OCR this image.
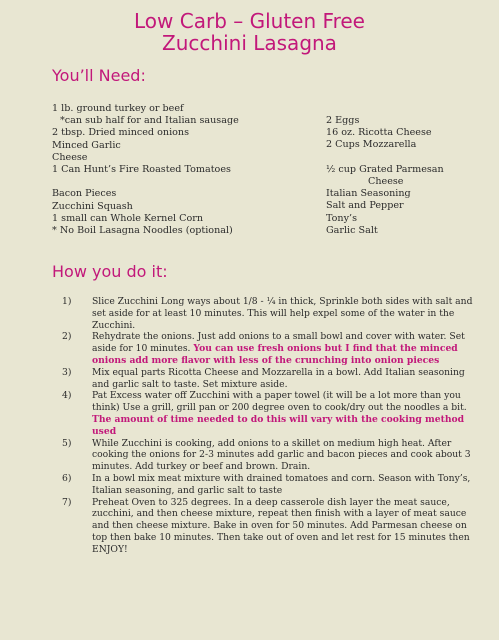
Low Carb – Gluten Free
Zucchini Lasagna
You’ll Need:
1 lb. ground turkey or beef
*can sub half for and Italian sausage
2 tbsp. Dried minced onions
Minced Garlic
Cheese
1 Can Hunt’s Fire Roasted Tomatoes
Bacon Pieces
Zucchini Squash
1 small can Whole Kernel Corn
* No Boil Lasagna Noodles (optional)
2 Eggs
16 oz. Ricotta Cheese
2 Cups Mozzarella
½ cup Grated Parmesan
Cheese
Italian Seasoning
Salt and Pepper
Tony’s
Garlic Salt
How you do it:
1) Slice Zucchini Long ways about 1/8 - ¼ in thick, Sprinkle both sides with salt and set aside for at least 10 minutes. This will help expel some of the water in the Zucchini.
2) Rehydrate the onions. Just add onions to a small bowl and cover with water. Set aside for 10 minutes. You can use fresh onions but I find that the minced onions add more flavor with less of the crunching into onion pieces
3) Mix equal parts Ricotta Cheese and Mozzarella in a bowl. Add Italian seasoning and garlic salt to taste. Set mixture aside.
4) Pat Excess water off Zucchini with a paper towel (it will be a lot more than you think) Use a grill, grill pan or 200 degree oven to cook/dry out the noodles a bit. The amount of time needed to do this will vary with the cooking method used
5) While Zucchini is cooking, add onions to a skillet on medium high heat. After cooking the onions for 2-3 minutes add garlic and bacon pieces and cook about 3 minutes. Add turkey or beef and brown. Drain.
6) In a bowl mix meat mixture with drained tomatoes and corn. Season with Tony’s, Italian seasoning, and garlic salt to taste
7) Preheat Oven to 325 degrees. In a deep casserole dish layer the meat sauce, zucchini, and then cheese mixture, repeat then finish with a layer of meat sauce and then cheese mixture. Bake in oven for 50 minutes. Add Parmesan cheese on top then bake 10 minutes. Then take out of oven and let rest for 15 minutes then ENJOY!
